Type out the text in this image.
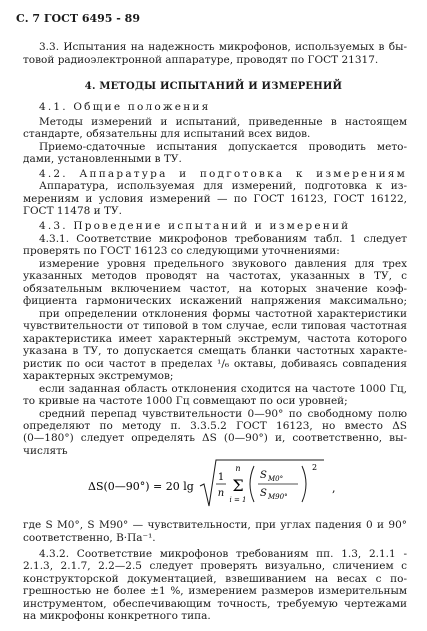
С. 7 ГОСТ 6495 - 89
3.3. Испытания на надежность микрофонов, используемых в бы-
товой радиоэлектронной аппаратуре, проводят по ГОСТ 21317.
4. МЕТОДЫ ИСПЫТАНИЙ И ИЗМЕРЕНИЙ
4.1. Общие положения
Методы измерений и испытаний, приведенные в настоящем
стандарте, обязательны для испытаний всех видов.
Приемо-сдаточные испытания допускается проводить мето-
дами, установленными в ТУ.
4.2. Аппаратура и подготовка к измерениям
Аппаратура, используемая для измерений, подготовка к из-
мерениям и условия измерений — по ГОСТ 16123, ГОСТ 16122,
ГОСТ 11478 и ТУ.
4.3. Проведение испытаний и измерений
4.3.1. Соответствие микрофонов требованиям табл. 1 следует
проверять по ГОСТ 16123 со следующими уточнениями:
измерение уровня предельного звукового давления для трех
указанных методов проводят на частотах, указанных в ТУ, с
обязательным включением частот, на которых значение коэф-
фициента гармонических искажений напряжения максимально;
при определении отклонения формы частотной характеристики
чувствительности от типовой в том случае, если типовая частотная
характеристика имеет характерный экстремум, частота которого
указана в ТУ, то допускается смещать бланки частотных характе-
ристик по оси частот в пределах ¹/₆ октавы, добиваясь совпадения
характерных экстремумов;
если заданная область отклонения сходится на частоте 1000 Гц,
то кривые на частоте 1000 Гц совмещают по оси уровней;
средний перепад чувствительности 0—90° по свободному полю
определяют по методу п. 3.3.5.2 ГОСТ 16123, но вместо ΔS
(0—180°) следует определять ΔS (0—90°) и, соответственно, вы-
числять
ΔS(0—90°) = 20 lg
1
n
n
Σ
i = 1
S M0°
S M90°
2
,
где S M0°, S M90° — чувствительности, при углах падения 0 и 90°
соответственно, В·Па⁻¹.
4.3.2. Соответствие микрофонов требованиям пп. 1.3, 2.1.1 -
2.1.3, 2.1.7, 2.2—2.5 следует проверять визуально, сличением с
конструкторской документацией, взвешиванием на весах с по-
грешностью не более ±1 %, измерением размеров измерительным
инструментом, обеспечивающим точность, требуемую чертежами
на микрофоны конкретного типа.
